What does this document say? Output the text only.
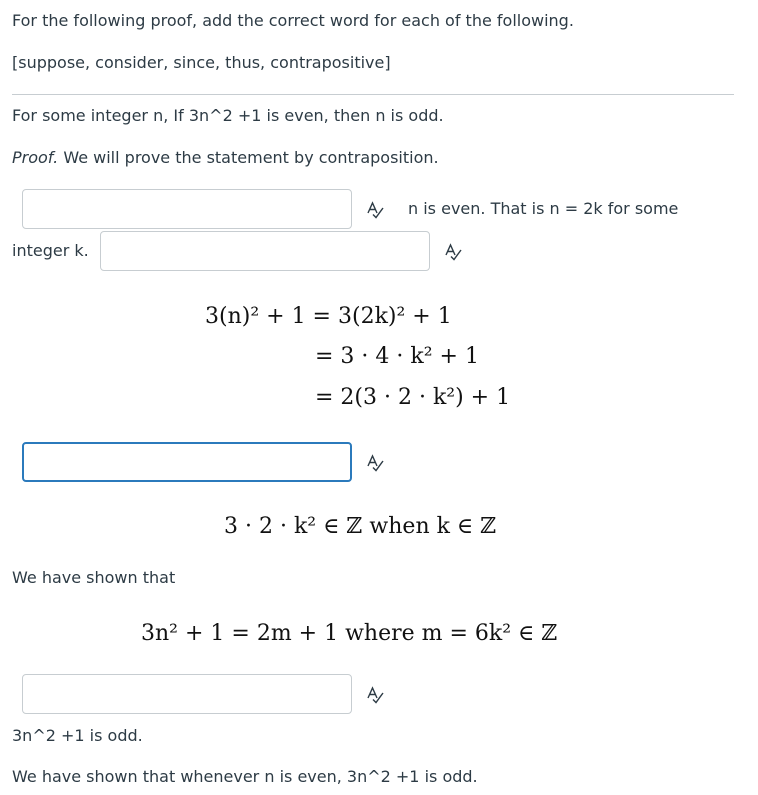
For the following proof, add the correct word for each of the following.
[suppose, consider, since, thus, contrapositive]
For some integer n, If 3n^2 +1 is even, then n is odd.
Proof. We will prove the statement by contraposition.
n is even. That is n = 2k for some
integer k.
3(n)² + 1 = 3(2k)² + 1
= 3 · 4 · k² + 1
= 2(3 · 2 · k²) + 1
3 · 2 · k² ∈ ℤ when k ∈ ℤ
We have shown that
3n² + 1 = 2m + 1 where m = 6k² ∈ ℤ
3n^2 +1 is odd.
We have shown that whenever n is even, 3n^2 +1 is odd.
